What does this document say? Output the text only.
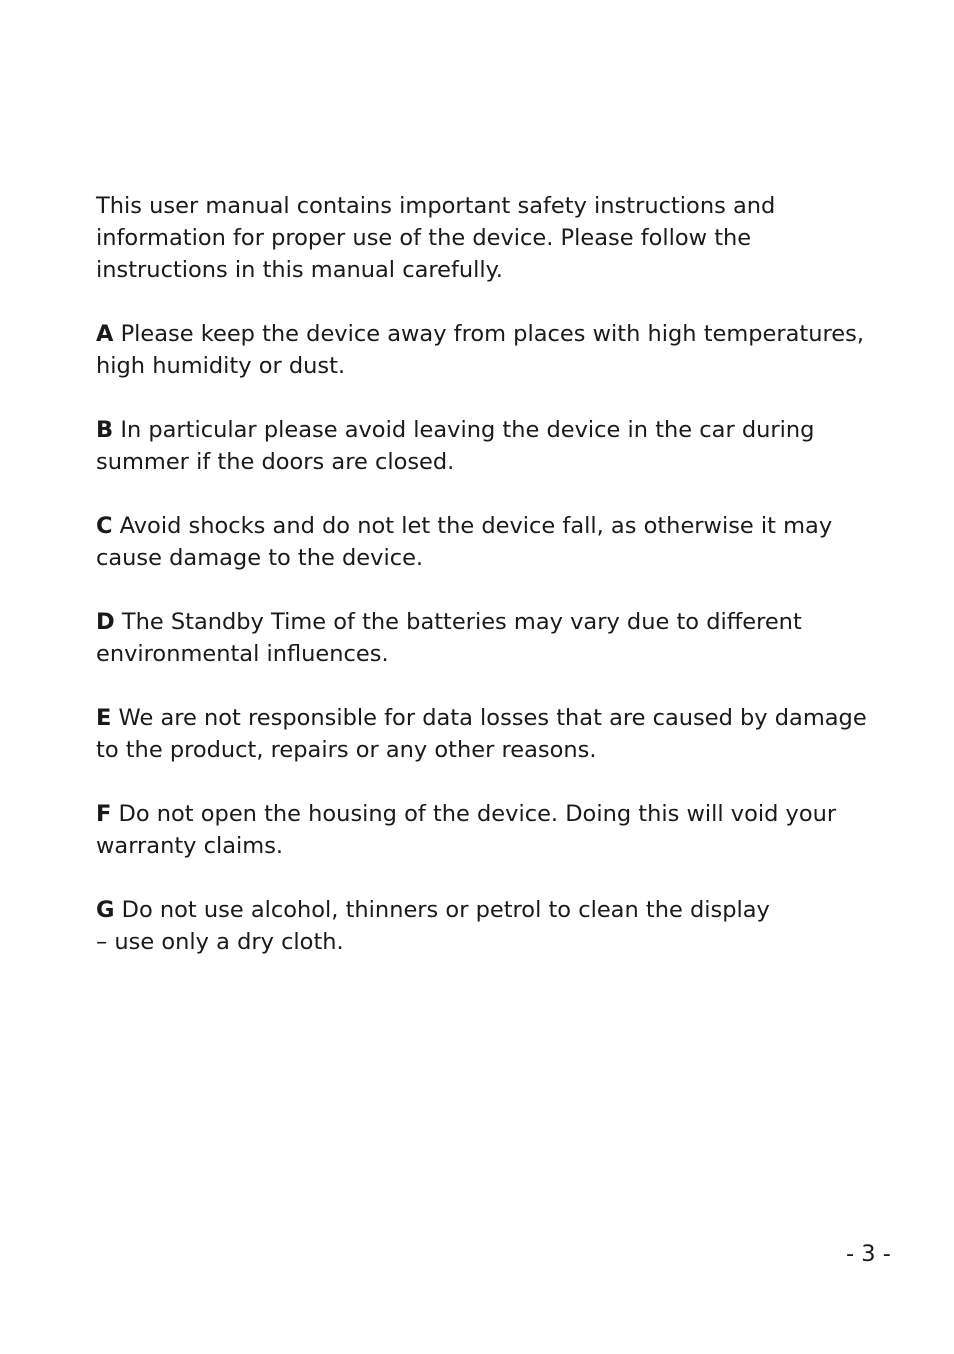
This user manual contains important safety instructions and
information for proper use of the device. Please follow the
instructions in this manual carefully.

A Please keep the device away from places with high temperatures,
high humidity or dust.

B In particular please avoid leaving the device in the car during
summer if the doors are closed.

C Avoid shocks and do not let the device fall, as otherwise it may
cause damage to the device.

D The Standby Time of the batteries may vary due to different
environmental influences.

E We are not responsible for data losses that are caused by damage
to the product, repairs or any other reasons.

F Do not open the housing of the device. Doing this will void your
warranty claims.

G Do not use alcohol, thinners or petrol to clean the display
– use only a dry cloth.

- 3 -
